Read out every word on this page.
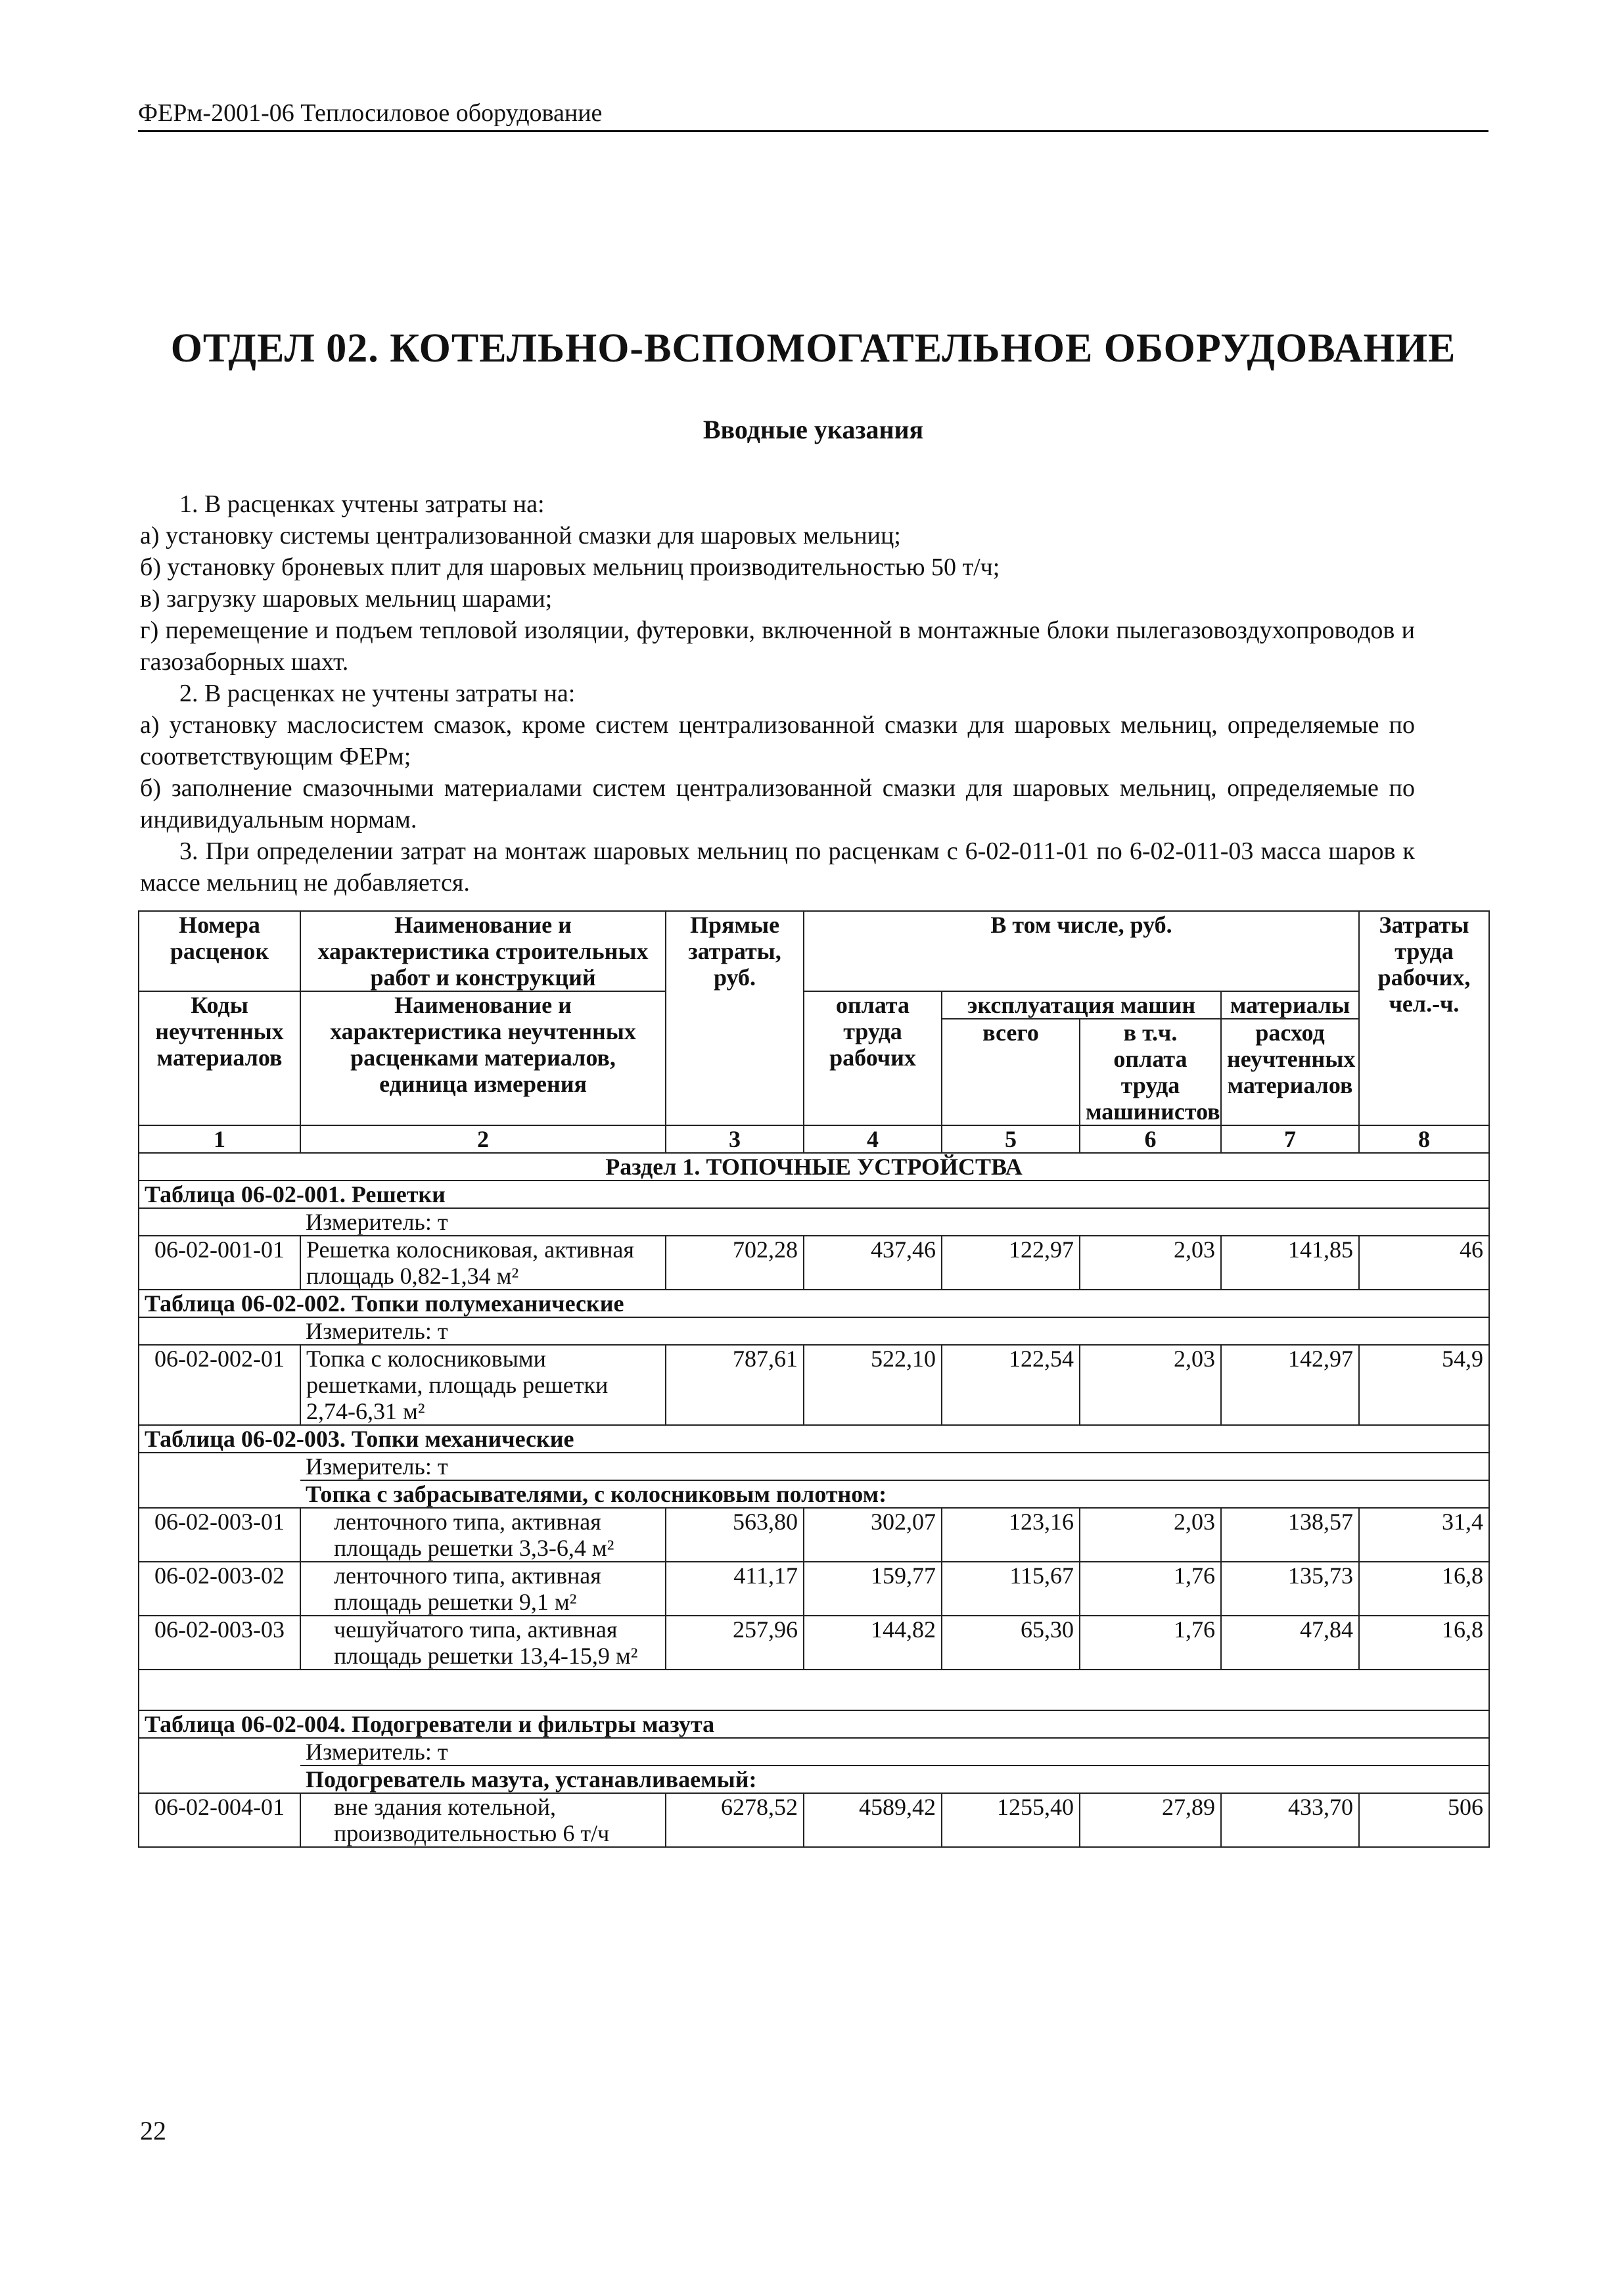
ФЕРм-2001-06 Теплосиловое оборудование
ОТДЕЛ 02. КОТЕЛЬНО-ВСПОМОГАТЕЛЬНОЕ ОБОРУДОВАНИЕ
Вводные указания

1. В расценках учтены затраты на:

а) установку системы централизованной смазки для шаровых мельниц;

б) установку броневых плит для шаровых мельниц производительностью 50 т/ч;

в) загрузку шаровых мельниц шарами;

г) перемещение и подъем тепловой изоляции, футеровки, включенной в монтажные блоки пылегазовоздухопроводов и газозаборных шахт.

2. В расценках не учтены затраты на:

а) установку маслосистем смазок, кроме систем централизованной смазки для шаровых мельниц, определяемые по соответствующим ФЕРм;

б) заполнение смазочными материалами систем централизованной смазки для шаровых мельниц, определяемые по индивидуальным нормам.

3. При определении затрат на монтаж шаровых мельниц по расценкам с 6-02-011-01 по 6-02-011-03 масса шаров к массе мельниц не добавляется.

Номера расценок	Наименование и характеристика строительных работ и конструкций	Прямые затраты, руб.	В том числе, руб.				Затраты труда рабочих, чел.-ч.
Коды неучтенных материалов	Наименование и характеристика неучтенных расценками материалов, единица измерения		оплата труда рабочих	эксплуатация машин		материалы	
				всего	в т.ч. оплата труда машинистов	расход неучтенных материалов	

1	2	3	4	5	6	7	8
Раздел 1. ТОПОЧНЫЕ УСТРОЙСТВА							
Таблица 06-02-001. Решетки							
	Измеритель: т						
06-02-001-01	Решетка колосниковая, активная площадь 0,82-1,34 м²	702,28	437,46	122,97	2,03	141,85	46
Таблица 06-02-002. Топки полумеханические							
	Измеритель: т						
06-02-002-01	Топка с колосниковыми решетками, площадь решетки 2,74-6,31 м²	787,61	522,10	122,54	2,03	142,97	54,9
Таблица 06-02-003. Топки механические							
	Измеритель: т						
	Топка с забрасывателями, с колосниковым полотном:						
06-02-003-01	ленточного типа, активная площадь решетки 3,3-6,4 м²	563,80	302,07	123,16	2,03	138,57	31,4
06-02-003-02	ленточного типа, активная площадь решетки 9,1 м²	411,17	159,77	115,67	1,76	135,73	16,8
06-02-003-03	чешуйчатого типа, активная площадь решетки 13,4-15,9 м²	257,96	144,82	65,30	1,76	47,84	16,8

Таблица 06-02-004. Подогреватели и фильтры мазута							
	Измеритель: т						
	Подогреватель мазута, устанавливаемый:						
06-02-004-01	вне здания котельной, производительностью 6 т/ч	6278,52	4589,42	1255,40	27,89	433,70	506
22
